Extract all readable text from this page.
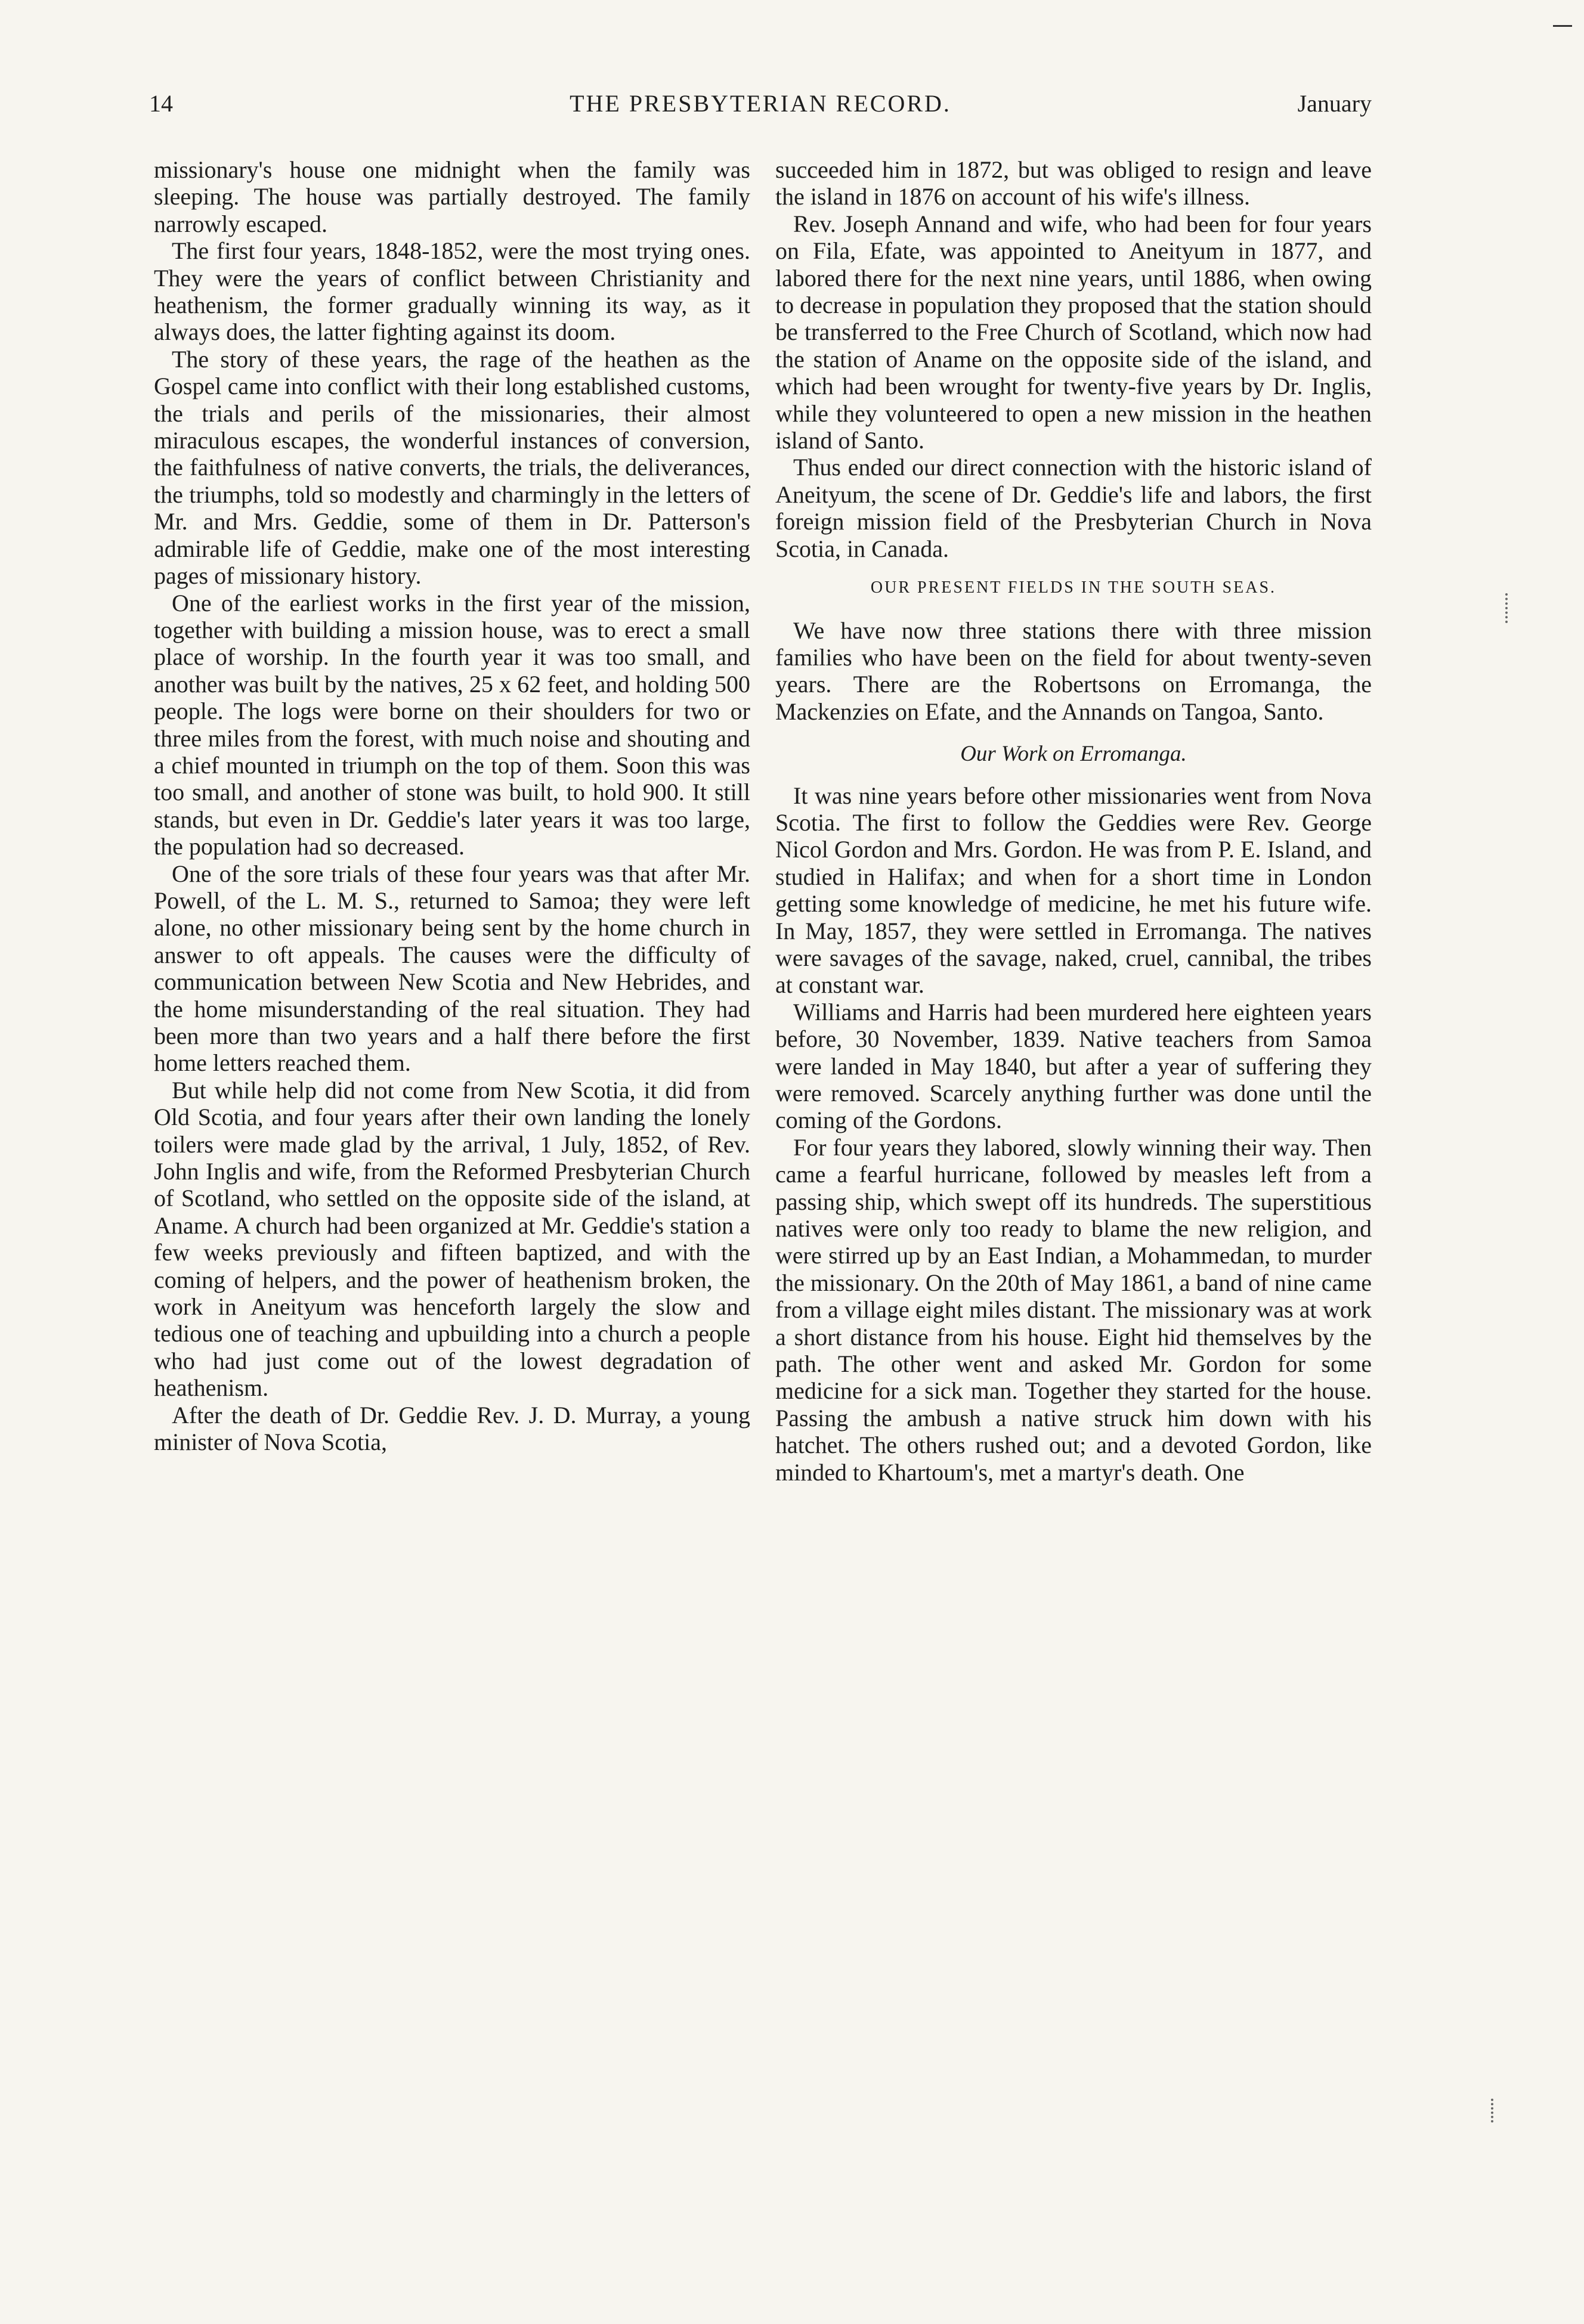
14	THE PRESBYTERIAN RECORD.	January

missionary's house one midnight when the family was sleeping. The house was partially destroyed. The family narrowly escaped.

The first four years, 1848-1852, were the most trying ones. They were the years of conflict between Christianity and heathenism, the former gradually winning its way, as it always does, the latter fighting against its doom.

The story of these years, the rage of the heathen as the Gospel came into conflict with their long established customs, the trials and perils of the missionaries, their almost miraculous escapes, the wonderful instances of conversion, the faithfulness of native converts, the trials, the deliverances, the triumphs, told so modestly and charmingly in the letters of Mr. and Mrs. Geddie, some of them in Dr. Patterson's admirable life of Geddie, make one of the most interesting pages of missionary history.

One of the earliest works in the first year of the mission, together with building a mission house, was to erect a small place of worship. In the fourth year it was too small, and another was built by the natives, 25 x 62 feet, and holding 500 people. The logs were borne on their shoulders for two or three miles from the forest, with much noise and shouting and a chief mounted in triumph on the top of them. Soon this was too small, and another of stone was built, to hold 900. It still stands, but even in Dr. Geddie's later years it was too large, the population had so decreased.

One of the sore trials of these four years was that after Mr. Powell, of the L. M. S., returned to Samoa; they were left alone, no other missionary being sent by the home church in answer to oft appeals. The causes were the difficulty of communication between New Scotia and New Hebrides, and the home misunderstanding of the real situation. They had been more than two years and a half there before the first home letters reached them.

But while help did not come from New Scotia, it did from Old Scotia, and four years after their own landing the lonely toilers were made glad by the arrival, 1 July, 1852, of Rev. John Inglis and wife, from the Reformed Presbyterian Church of Scotland, who settled on the opposite side of the island, at Aname. A church had been organized at Mr. Geddie's station a few weeks previously and fifteen baptized, and with the coming of helpers, and the power of heathenism broken, the work in Aneityum was henceforth largely the slow and tedious one of teaching and upbuilding into a church a people who had just come out of the lowest degradation of heathenism.

After the death of Dr. Geddie Rev. J. D. Murray, a young minister of Nova Scotia,

succeeded him in 1872, but was obliged to resign and leave the island in 1876 on account of his wife's illness.

Rev. Joseph Annand and wife, who had been for four years on Fila, Efate, was appointed to Aneityum in 1877, and labored there for the next nine years, until 1886, when owing to decrease in population they proposed that the station should be transferred to the Free Church of Scotland, which now had the station of Aname on the opposite side of the island, and which had been wrought for twenty-five years by Dr. Inglis, while they volunteered to open a new mission in the heathen island of Santo.

Thus ended our direct connection with the historic island of Aneityum, the scene of Dr. Geddie's life and labors, the first foreign mission field of the Presbyterian Church in Nova Scotia, in Canada.

OUR PRESENT FIELDS IN THE SOUTH SEAS.

We have now three stations there with three mission families who have been on the field for about twenty-seven years. There are the Robertsons on Erromanga, the Mackenzies on Efate, and the Annands on Tangoa, Santo.

Our Work on Erromanga.

It was nine years before other missionaries went from Nova Scotia. The first to follow the Geddies were Rev. George Nicol Gordon and Mrs. Gordon. He was from P. E. Island, and studied in Halifax; and when for a short time in London getting some knowledge of medicine, he met his future wife. In May, 1857, they were settled in Erromanga. The natives were savages of the savage, naked, cruel, cannibal, the tribes at constant war.

Williams and Harris had been murdered here eighteen years before, 30 November, 1839. Native teachers from Samoa were landed in May 1840, but after a year of suffering they were removed. Scarcely anything further was done until the coming of the Gordons.

For four years they labored, slowly winning their way. Then came a fearful hurricane, followed by measles left from a passing ship, which swept off its hundreds. The superstitious natives were only too ready to blame the new religion, and were stirred up by an East Indian, a Mohammedan, to murder the missionary. On the 20th of May 1861, a band of nine came from a village eight miles distant. The missionary was at work a short distance from his house. Eight hid themselves by the path. The other went and asked Mr. Gordon for some medicine for a sick man. Together they started for the house. Passing the ambush a native struck him down with his hatchet. The others rushed out; and a devoted Gordon, like minded to Khartoum's, met a martyr's death. One
